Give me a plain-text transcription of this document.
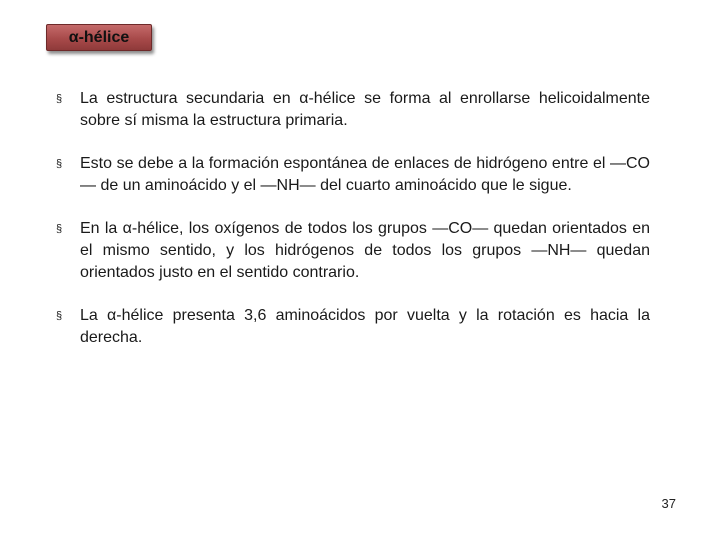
α-hélice
§ La estructura secundaria en α-hélice se forma al enrollarse helicoidalmente sobre sí misma la estructura primaria.
§ Esto se debe a la formación espontánea de enlaces de hidrógeno entre el —CO— de un aminoácido y el —NH— del cuarto aminoácido que le sigue.
§ En la α-hélice, los oxígenos de todos los grupos —CO— quedan orientados en el mismo sentido, y los hidrógenos de todos los grupos —NH— quedan orientados justo en el sentido contrario.
§ La α-hélice presenta 3,6 aminoácidos por vuelta y la rotación es hacia la derecha.
37
